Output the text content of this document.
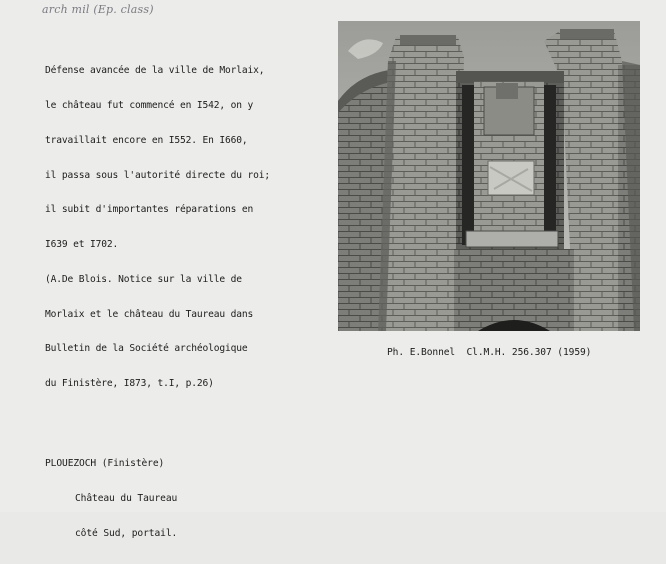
arch mil (Ep. class)

Défense avancée de la ville de Morlaix,

le château fut commencé en I542, on y

travaillait encore en I552. En I660,

il passa sous l'autorité directe du roi;

il subit d'importantes réparations en

I639 et I702.

(A.De Blois. Notice sur la ville de

Morlaix et le château du Taureau dans

Bulletin de la Société archéologique

du Finistère, I873, t.I, p.26)

Ph. E.Bonnel Cl.M.H. 256.307 (1959)

PLOUEZOCH (Finistère)

Château du Taureau

côté Sud, portail.
